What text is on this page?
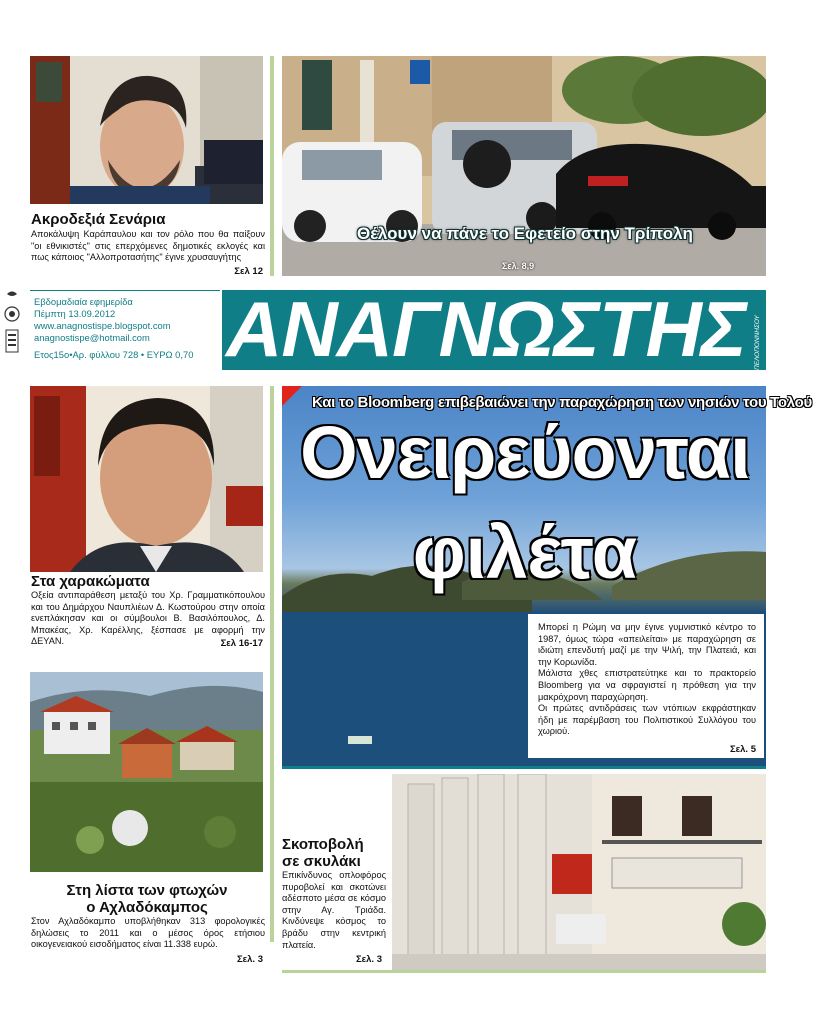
Ακροδεξιά Σενάρια
Αποκάλυψη Καράπαυλου και τον ρόλο που θα παίξουν "οι εθνικιστές" στις επερχόμενες δημοτικές εκλογές και πως κάποιος "Αλλοπροτασήτης" έγινε χρυσαυγήτης
Σελ 12
Θέλουν να πάνε το Εφετείο στην Τρίπολη
Σελ. 8,9
Εβδομαδιαία εφημερίδα
Πέμπτη 13.09.2012
www.anagnostispe.blogspot.com
anagnostispe@hotmail.com
Ετος15ο•Αρ. φύλλου 728 • ΕΥΡΩ 0,70 ΑΝΑΓΝΩΣΤΗΣ	ΠΕΛΟΠΟΝΝΗΣΟΥ
Στα χαρακώματα
Οξεία αντιπαράθεση μεταξύ του Χρ. Γραμματικόπουλου και του Δημάρχου Ναυπλιέων Δ. Κωστούρου στην οποία ενεπλάκησαν και οι σύμβουλοι Β. Βασιλόπουλος, Δ. Μπακέας, Χρ. Καρέλλης, ξέσπασε με αφορμή την ΔΕΥΑΝ.	Σελ 16-17
Στη λίστα των φτωχών
ο Αχλαδόκαμπος
Στον Αχλαδόκαμπο υποβλήθηκαν 313 φορολογικές δηλώσεις το 2011 και ο μέσος όρος ετήσιου οικογενειακού εισοδήματος είναι 11.338 ευρώ.
Σελ. 3
Και το Bloomberg επιβεβαιώνει την παραχώρηση των νησιών του Τολού
Ονειρεύονται
φιλέτα
Μπορεί η Ρώμη να μην έγινε γυμνιστικό κέντρο το 1987, όμως τώρα «απειλείται» με παραχώρηση σε ιδιώτη επενδυτή μαζί με την Ψιλή, την Πλατειά, και την Κορωνίδα.
Μάλιστα χθες επιστρατεύτηκε και το πρακτορείο Bloomberg για να σφραγιστεί η πρόθεση για την μακρόχρονη παραχώρηση.
Οι πρώτες αντιδράσεις των ντόπιων εκφράστηκαν ήδη με παρέμβαση του Πολιτιστικού Συλλόγου του χωριού.
Σελ. 5
Σκοποβολή
σε σκυλάκι
Επικίνδυνος οπλοφόρος πυροβολεί και σκοτώνει αδέσποτο μέσα σε κόσμο στην Αγ. Τριάδα. Κινδύνεψε κόσμος το βράδυ στην κεντρική πλατεία.
Σελ. 3
